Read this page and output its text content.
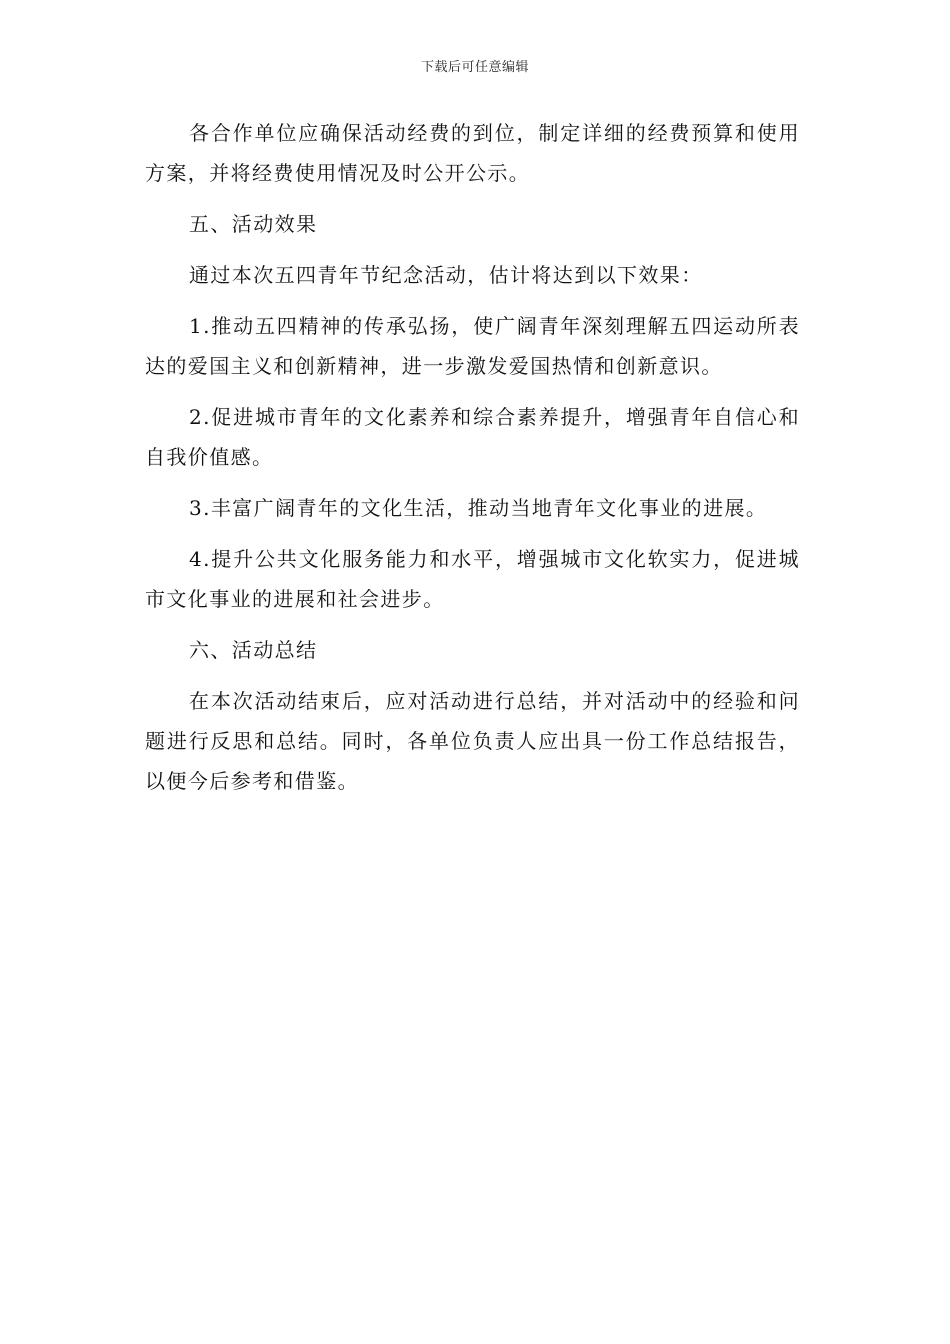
下载后可任意编辑

各合作单位应确保活动经费的到位，制定详细的经费预算和使用方案，并将经费使用情况及时公开公示。

五、活动效果

通过本次五四青年节纪念活动，估计将达到以下效果：

1.推动五四精神的传承弘扬，使广阔青年深刻理解五四运动所表达的爱国主义和创新精神，进一步激发爱国热情和创新意识。

2.促进城市青年的文化素养和综合素养提升，增强青年自信心和自我价值感。

3.丰富广阔青年的文化生活，推动当地青年文化事业的进展。

4.提升公共文化服务能力和水平，增强城市文化软实力，促进城市文化事业的进展和社会进步。

六、活动总结

在本次活动结束后，应对活动进行总结，并对活动中的经验和问题进行反思和总结。同时，各单位负责人应出具一份工作总结报告，以便今后参考和借鉴。
